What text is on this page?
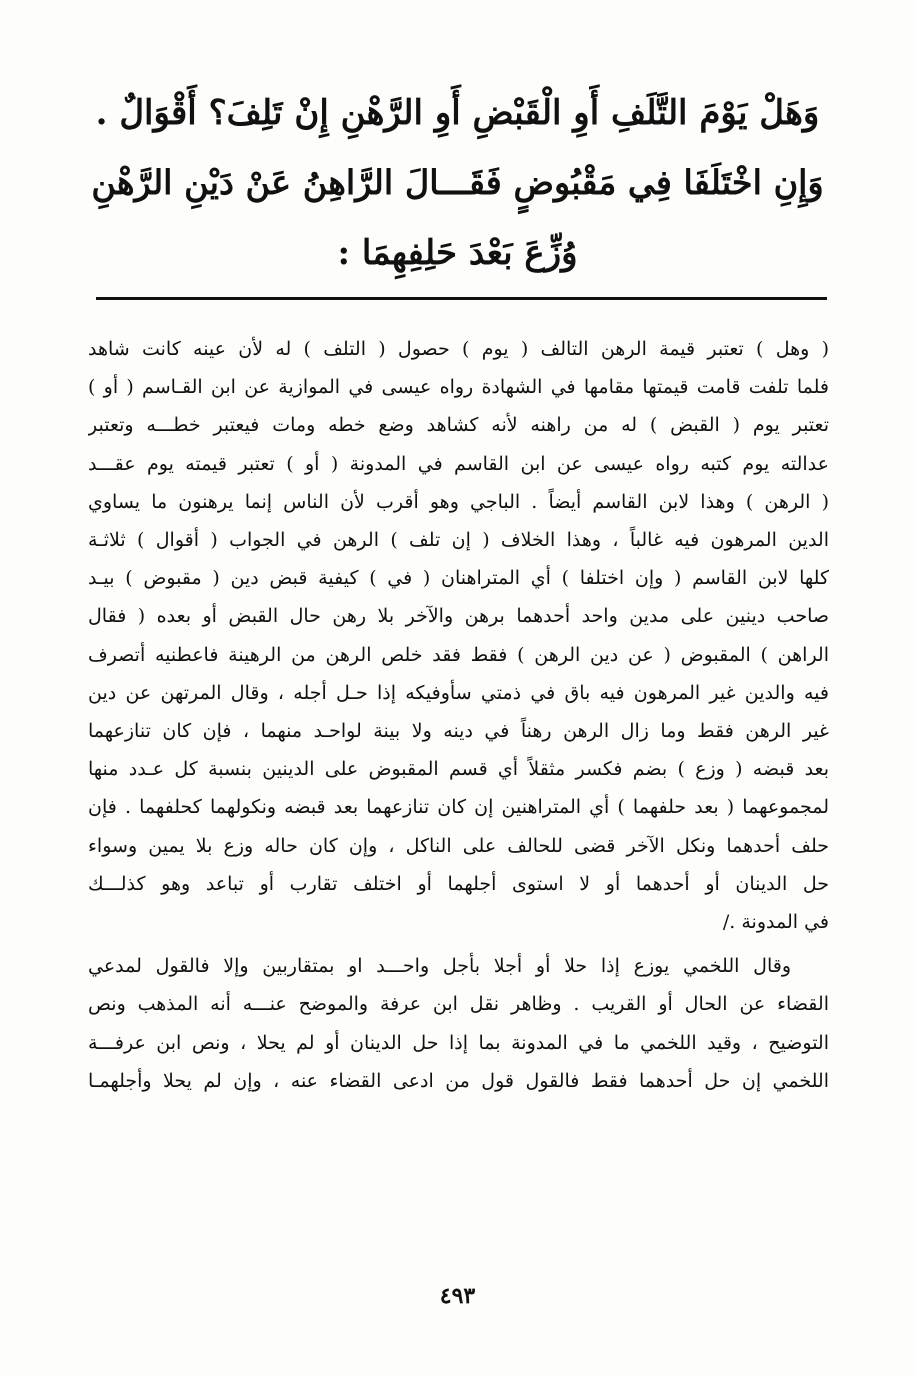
وَهَلْ يَوْمَ التَّلَفِ أَوِ الْقَبْضِ أَوِ الرَّهْنِ إِنْ تَلِفَ؟ أَقْوَالٌ .
وَإِنِ اخْتَلَفَا فِي مَقْبُوضٍ فَقَـــالَ الرَّاهِنُ عَنْ دَيْنِ الرَّهْنِ
وُزِّعَ بَعْدَ حَلِفِهِمَا :
( وهل ) تعتبر قيمة الرهن التالف ( يوم ) حصول ( التلف ) له لأن عينه كانت شاهد
فلما تلفت قامت قيمتها مقامها في الشهادة رواه عيسى في الموازية عن ابن القـاسم ( أو )
تعتبر يوم ( القبض ) له من راهنه لأنه كشاهد وضع خطه ومات فيعتبر خطـــه وتعتبر
عدالته يوم كتبه رواه عيسى عن ابن القاسم في المدونة ( أو ) تعتبر قيمته يوم عقـــد
( الرهن ) وهذا لابن القاسم أيضاً . الباجي وهو أقرب لأن الناس إنما يرهنون ما يساوي
الدين المرهون فيه غالباً ، وهذا الخلاف ( إن تلف ) الرهن في الجواب ( أقوال ) ثلاثـة
كلها لابن القاسم ( وإن اختلفا ) أي المتراهنان ( في ) كيفية قبض دين ( مقبوض ) بيـد
صاحب دينين على مدين واحد أحدهما برهن والآخر بلا رهن حال القبض أو بعده ( فقال
الراهن ) المقبوض ( عن دين الرهن ) فقط فقد خلص الرهن من الرهينة فاعطنيه أتصرف
فيه والدين غير المرهون فيه باق في ذمتي سأوفيكه إذا حـل أجله ، وقال المرتهن عن دين
غير الرهن فقط وما زال الرهن رهناً في دينه ولا بينة لواحـد منهما ، فإن كان تنازعهما
بعد قبضه ( وزع ) بضم فكسر مثقلاً أي قسم المقبوض على الدينين بنسبة كل عـدد منها
لمجموعهما ( بعد حلفهما ) أي المتراهنين إن كان تنازعهما بعد قبضه ونكولهما كحلفهما . فإن
حلف أحدهما ونكل الآخر قضى للحالف على الناكل ، وإن كان حاله وزع بلا يمين وسواء
حل الدينان أو أحدهما أو لا استوى أجلهما أو اختلف تقارب أو تباعد وهو كذلـــك
في المدونة ./
وقال اللخمي يوزع إذا حلا أو أجلا بأجل واحـــد او بمتقاربين وإلا فالقول لمدعي
القضاء عن الحال أو القريب . وظاهر نقل ابن عرفة والموضح عنـــه أنه المذهب ونص
التوضيح ، وقيد اللخمي ما في المدونة بما إذا حل الدينان أو لم يحلا ، ونص ابن عرفـــة
اللخمي إن حل أحدهما فقط فالقول قول من ادعى القضاء عنه ، وإن لم يحلا وأجلهمـا
٤٩٣
